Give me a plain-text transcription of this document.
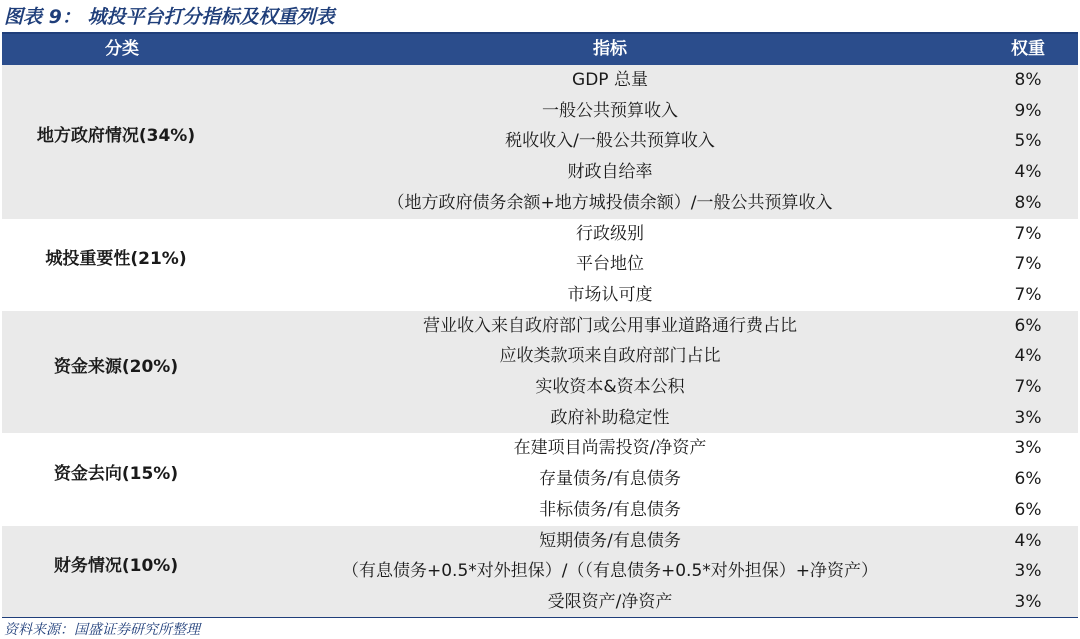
图表 9： 城投平台打分指标及权重列表
分类	指标	权重
地方政府情况(34%)
GDP 总量	8%
一般公共预算收入	9%
税收收入/一般公共预算收入	5%
财政自给率	4%
（地方政府债务余额+地方城投债余额）/一般公共预算收入	8%
城投重要性(21%)
行政级别	7%
平台地位	7%
市场认可度	7%
资金来源(20%)
营业收入来自政府部门或公用事业道路通行费占比	6%
应收类款项来自政府部门占比	4%
实收资本&资本公积	7%
政府补助稳定性	3%
资金去向(15%)
在建项目尚需投资/净资产	3%
存量债务/有息债务	6%
非标债务/有息债务	6%
财务情况(10%)
短期债务/有息债务	4%
（有息债务+0.5*对外担保）/（（有息债务+0.5*对外担保）+净资产）	3%
受限资产/净资产	3%
资料来源：国盛证券研究所整理
